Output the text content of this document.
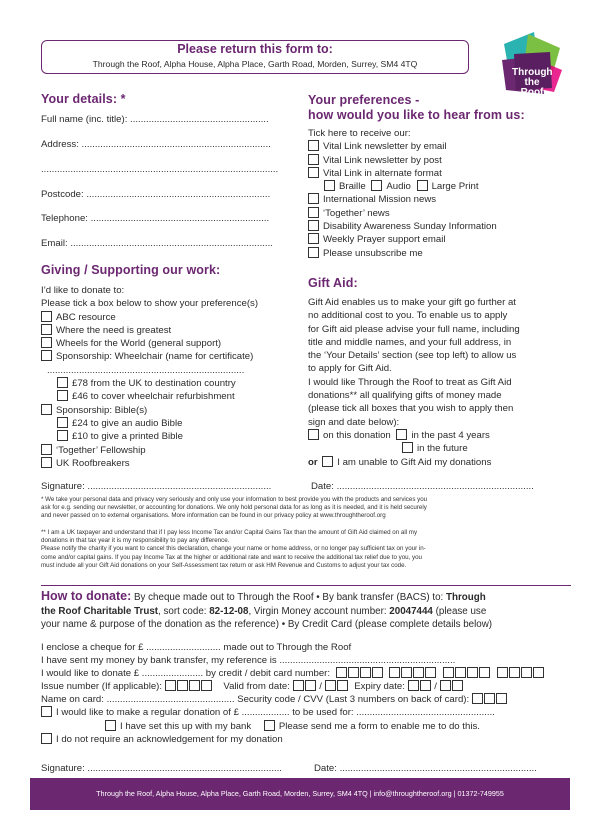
Please return this form to:
Through the Roof, Alpha House, Alpha Place, Garth Road, Morden, Surrey, SM4 4TQ
Through
the Roof
Your details: *
Full name (inc. title): ....................................................
Address: .......................................................................
.........................................................................................
Postcode: .....................................................................
Telephone: ...................................................................
Email: ............................................................................
Giving / Supporting our work:
I’d like to donate to:
Please tick a box below to show your preference(s)
ABC resource
Where the need is greatest
Wheels for the World (general support)
Sponsorship: Wheelchair (name for certificate)
..........................................................................
£78 from the UK to destination country
£46 to cover wheelchair refurbishment
Sponsorship: Bible(s)
£24 to give an audio Bible
£10 to give a printed Bible
‘Together’ Fellowship
UK Roofbreakers
Your preferences -
how would you like to hear from us:
Tick here to receive our:
Vital Link newsletter by email
Vital Link newsletter by post
Vital Link in alternate format
Braille Audio Large Print
International Mission news
‘Together’ news
Disability Awareness Sunday Information
Weekly Prayer support email
Please unsubscribe me
Gift Aid:
Gift Aid enables us to make your gift go further at
no additional cost to you. To enable us to apply
for Gift aid please advise your full name, including
title and middle names, and your full address, in
the ‘Your Details’ section (see top left) to allow us
to apply for Gift Aid.
I would like Through the Roof to treat as Gift Aid
donations** all qualifying gifts of money made
(please tick all boxes that you wish to apply then
sign and date below):
on this donation in the past 4 years
in the future
or I am unable to Gift Aid my donations
Signature: .....................................................................	Date: ..........................................................................
* We take your personal data and privacy very seriously and only use your information to best provide you with the products and services you
ask for e.g. sending our newsletter, or accounting for donations. We only hold personal data for as long as it is needed, and it is held securely
and never passed on to external organisations. More information can be found in our privacy policy at www.throughtheroof.org
** I am a UK taxpayer and understand that if I pay less Income Tax and/or Capital Gains Tax than the amount of Gift Aid claimed on all my
donations in that tax year it is my responsibility to pay any difference.
Please notify the charity if you want to cancel this declaration, change your name or home address, or no longer pay sufficient tax on your in-
come and/or capital gains. If you pay Income Tax at the higher or additional rate and want to receive the additional tax relief due to you, you
must include all your Gift Aid donations on your Self-Assessment tax return or ask HM Revenue and Customs to adjust your tax code.
How to donate: By cheque made out to Through the Roof • By bank transfer (BACS) to: Through
the Roof Charitable Trust, sort code: 82-12-08, Virgin Money account number: 20047444 (please use
your name & purpose of the donation as the reference) • By Credit Card (please complete details below)
I enclose a cheque for £ ............................ made out to Through the Roof
I have sent my money by bank transfer, my reference is ..................................................................
I would like to donate £ ....................... by credit / debit card number:
Issue number (If applicable):	Valid from date:	/	Expiry date:	/
Name on card: ................................................ Security code / CVV (Last 3 numbers on back of card):
I would like to make a regular donation of £ .................. to be used for: ....................................................
I have set this up with my bank	Please send me a form to enable me to do this.
I do not require an acknowledgement for my donation
Signature: .........................................................................	Date: ..........................................................................
Through the Roof, Alpha House, Alpha Place, Garth Road, Morden, Surrey, SM4 4TQ | info@throughtheroof.org | 01372-749955
